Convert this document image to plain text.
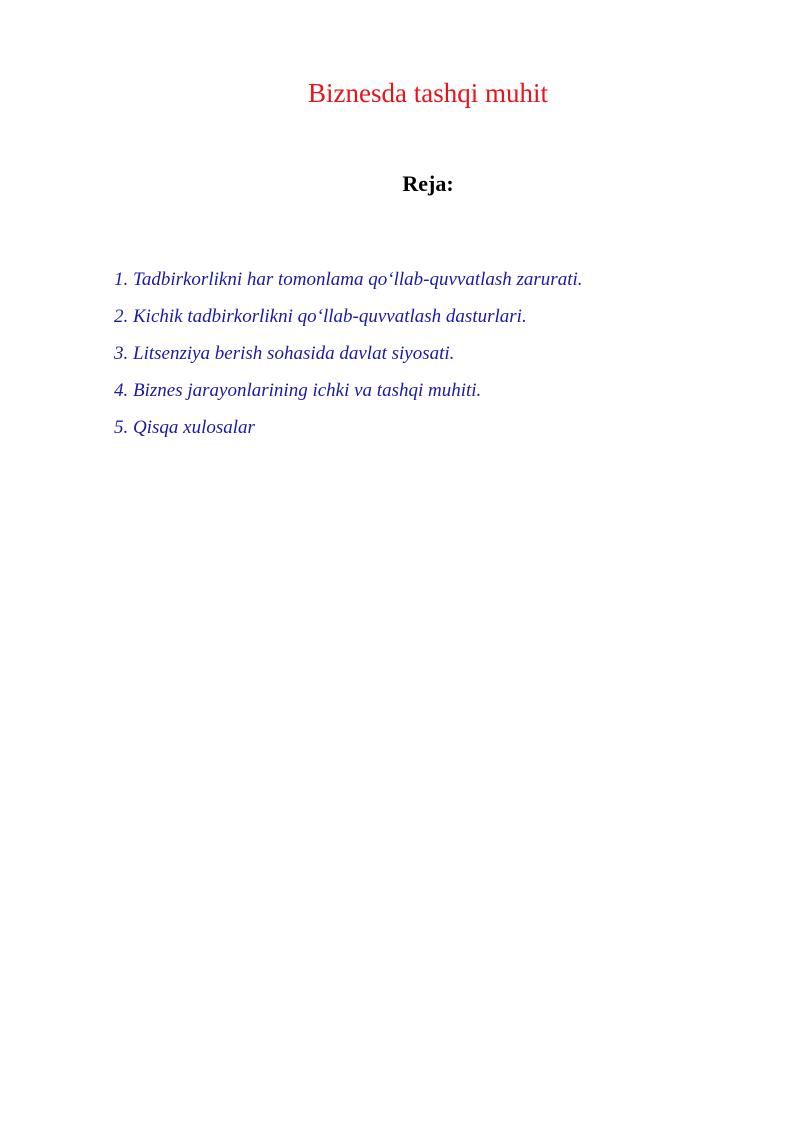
Biznesda tashqi muhit
Reja:
1. Tadbirkorlikni har tomonlama qo‘llab-quvvatlash zarurati.
2. Kichik tadbirkorlikni qo‘llab-quvvatlash dasturlari.
3. Litsenziya berish sohasida davlat siyosati.
4. Biznes jarayonlarining ichki va tashqi muhiti.
5. Qisqa xulosalar
